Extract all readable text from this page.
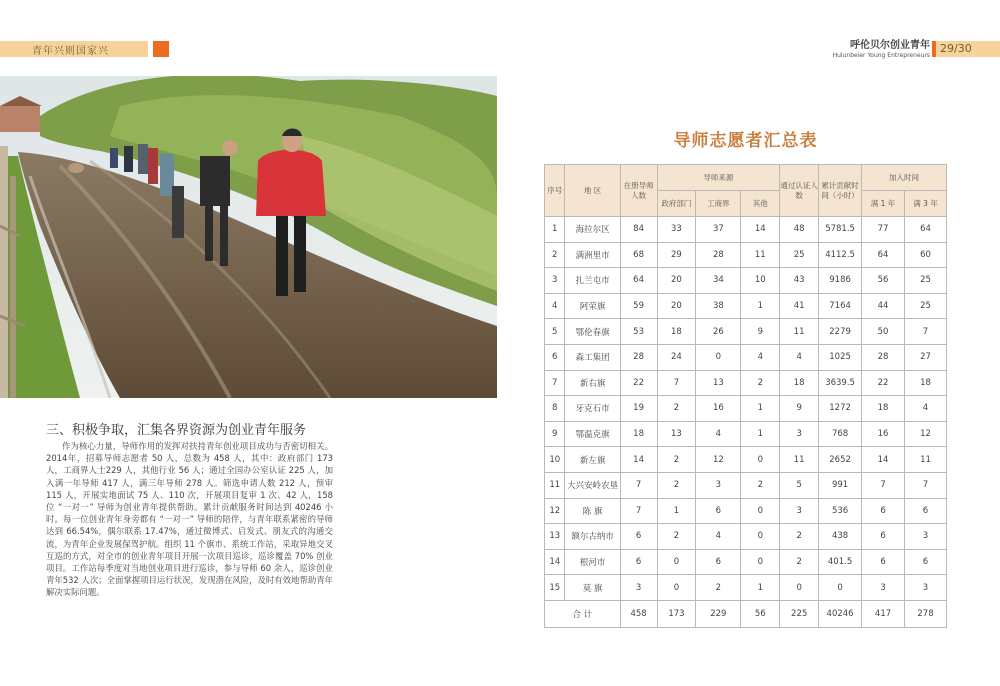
青年兴则国家兴
呼伦贝尔创业青年
Hulunbeier Young Entrepreneurs
29/30
三、积极争取，汇集各界资源为创业青年服务

作为核心力量，导师作用的发挥对扶持青年创业项目成功与否密切相关。2014年，招募导师志愿者 50 人，总数为 458 人，其中：政府部门 173 人，工商界人士229 人，其他行业 56 人；通过全国办公室认证 225 人，加入满一年导师 417 人，满三年导师 278 人。筛选申请人数 212 人，预审 115 人，开展实地面试 75 人、110 次，开展项目复审 1 次、42 人，158 位 “一对一” 导师为创业青年提供帮助。累计贡献服务时间达到 40246 小时。每一位创业青年身旁都有 “一对一” 导师的陪伴，与青年联系紧密的导师达到 66.54%，偶尔联系 17.47%，通过微博式、启发式、朋友式的沟通交流，为青年企业发展保驾护航。组织 11 个旗市、系统工作站，采取异地交叉互巡的方式，对全市的创业青年项目开展一次项目巡诊，巡诊覆盖 70% 创业项目。工作站每季度对当地创业项目进行巡诊，参与导师 60 余人，巡诊创业青年532 人次；全面掌握项目运行状况，发现潜在风险，及时有效地帮助青年解决实际问题。

导师志愿者汇总表
序号	地 区	在册导师人数	导师来源			通过认证人数	累计贡献时间（小时）	加入时间	
			政府部门	工商界	其他			满 1 年	满 3 年
1	海拉尔区	84	33	37	14	48	5781.5	77	64
2	满洲里市	68	29	28	11	25	4112.5	64	60
3	扎兰屯市	64	20	34	10	43	9186	56	25
4	阿荣旗	59	20	38	1	41	7164	44	25
5	鄂伦春旗	53	18	26	9	11	2279	50	7
6	森工集团	28	24	0	4	4	1025	28	27
7	新右旗	22	7	13	2	18	3639.5	22	18
8	牙克石市	19	2	16	1	9	1272	18	4
9	鄂温克旗	18	13	4	1	3	768	16	12
10	新左旗	14	2	12	0	11	2652	14	11
11	大兴安岭农垦	7	2	3	2	5	991	7	7
12	陈 旗	7	1	6	0	3	536	6	6
13	额尔古纳市	6	2	4	0	2	438	6	3
14	根河市	6	0	6	0	2	401.5	6	6
15	莫 旗	3	0	2	1	0	0	3	3
合 计		458	173	229	56	225	40246	417	278
